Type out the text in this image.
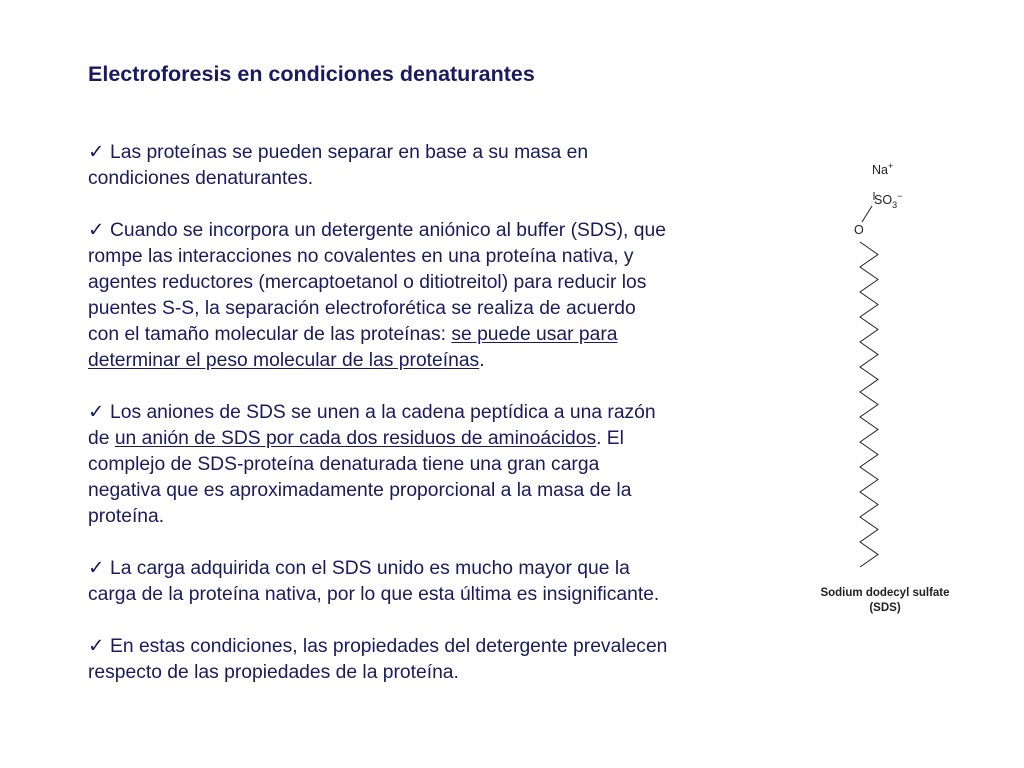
Electroforesis en condiciones denaturantes
✓ Las proteínas se pueden separar en base a su masa en
condiciones denaturantes.
✓ Cuando se incorpora un detergente aniónico al buffer (SDS), que
rompe las interacciones no covalentes en una proteína nativa, y
agentes reductores (mercaptoetanol o ditiotreitol) para reducir los
puentes S-S, la separación electroforética se realiza de acuerdo
con el tamaño molecular de las proteínas: se puede usar para
determinar el peso molecular de las proteínas.
✓ Los aniones de SDS se unen a la cadena peptídica a una razón
de un anión de SDS por cada dos residuos de aminoácidos. El
complejo de SDS-proteína denaturada tiene una gran carga
negativa que es aproximadamente proporcional a la masa de la
proteína.
✓ La carga adquirida con el SDS unido es mucho mayor que la
carga de la proteína nativa, por lo que esta última es insignificante.
✓ En estas condiciones, las propiedades del detergente prevalecen
respecto de las propiedades de la proteína.
Na+
$SO_3^-$
O
Sodium dodecyl sulfate
(SDS)
